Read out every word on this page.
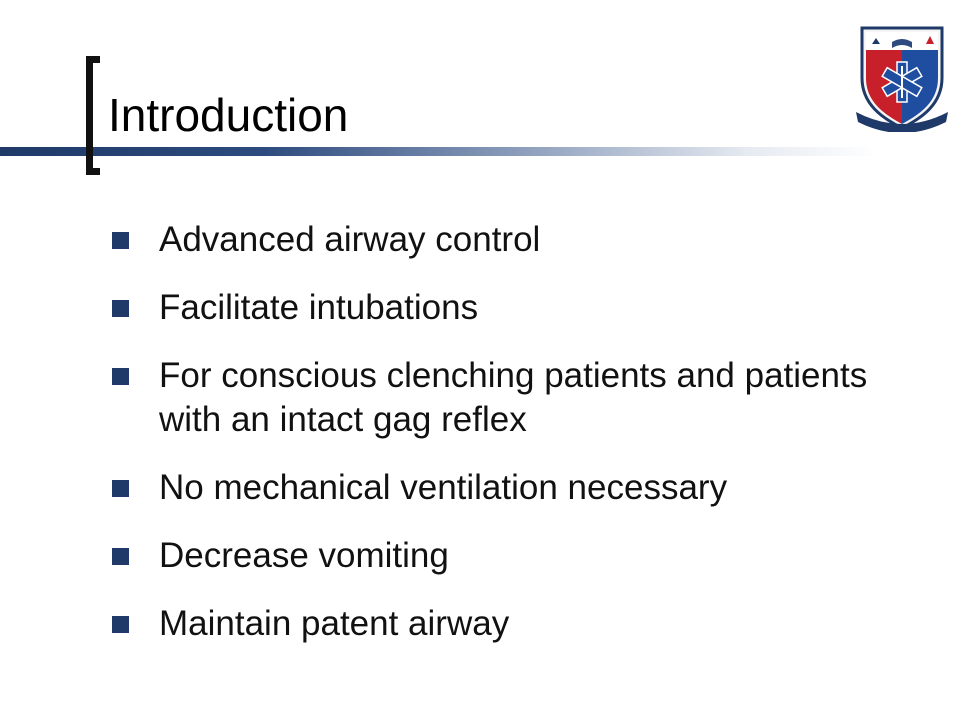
Introduction
Advanced airway control
Facilitate intubations
For conscious clenching patients and patients with an intact gag reflex
No mechanical ventilation necessary
Decrease vomiting
Maintain patent airway
